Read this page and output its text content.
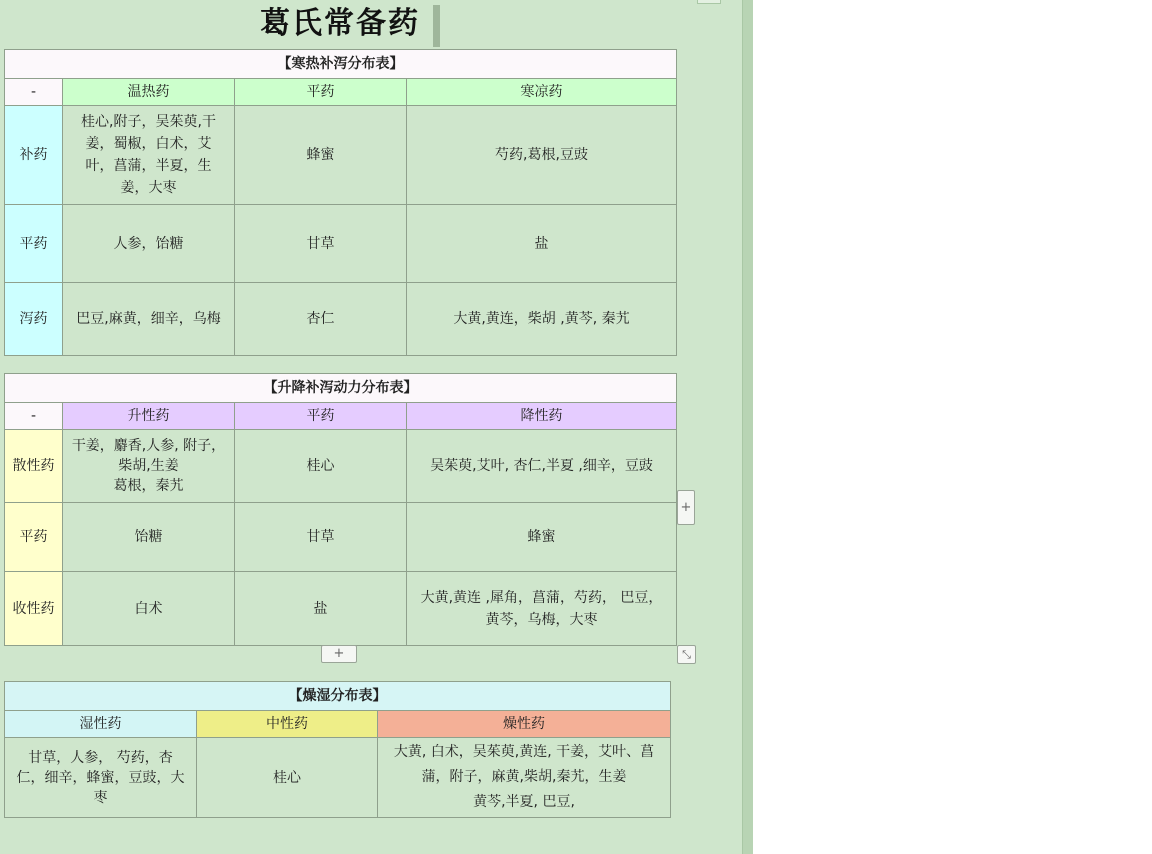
葛氏常备药
【寒热补泻分布表】			
-	温热药	平药	寒凉药
补药	桂心,附子，吴茱萸,干
姜，蜀椒，白术，艾
叶，菖蒲，半夏，生
姜，大枣	蜂蜜	芍药,葛根,豆豉
平药	人参，饴糖	甘草	盐
泻药	巴豆,麻黄，细辛，乌梅	杏仁	大黄,黄连，柴胡 ,黄芩, 秦艽
【升降补泻动力分布表】			
-	升性药	平药	降性药
散性药	干姜，麝香,人参, 附子，
柴胡,生姜
葛根，秦艽	桂心	吴茱萸,艾叶, 杏仁,半夏 ,细辛，豆豉
平药	饴糖	甘草	蜂蜜
收性药	白术	盐	大黄,黄连 ,犀角，菖蒲，芍药， 巴豆，
黄芩，乌梅，大枣
+
+
⤡
【燥湿分布表】		
湿性药	中性药	燥性药

甘草，人参， 芍药，杏
仁，细辛，蜂蜜，豆豉，大
枣	桂心	大黄, 白术，吴茱萸,黄连, 干姜，艾叶、菖
蒲，附子，麻黄,柴胡,秦艽，生姜
黄芩,半夏, 巴豆,
